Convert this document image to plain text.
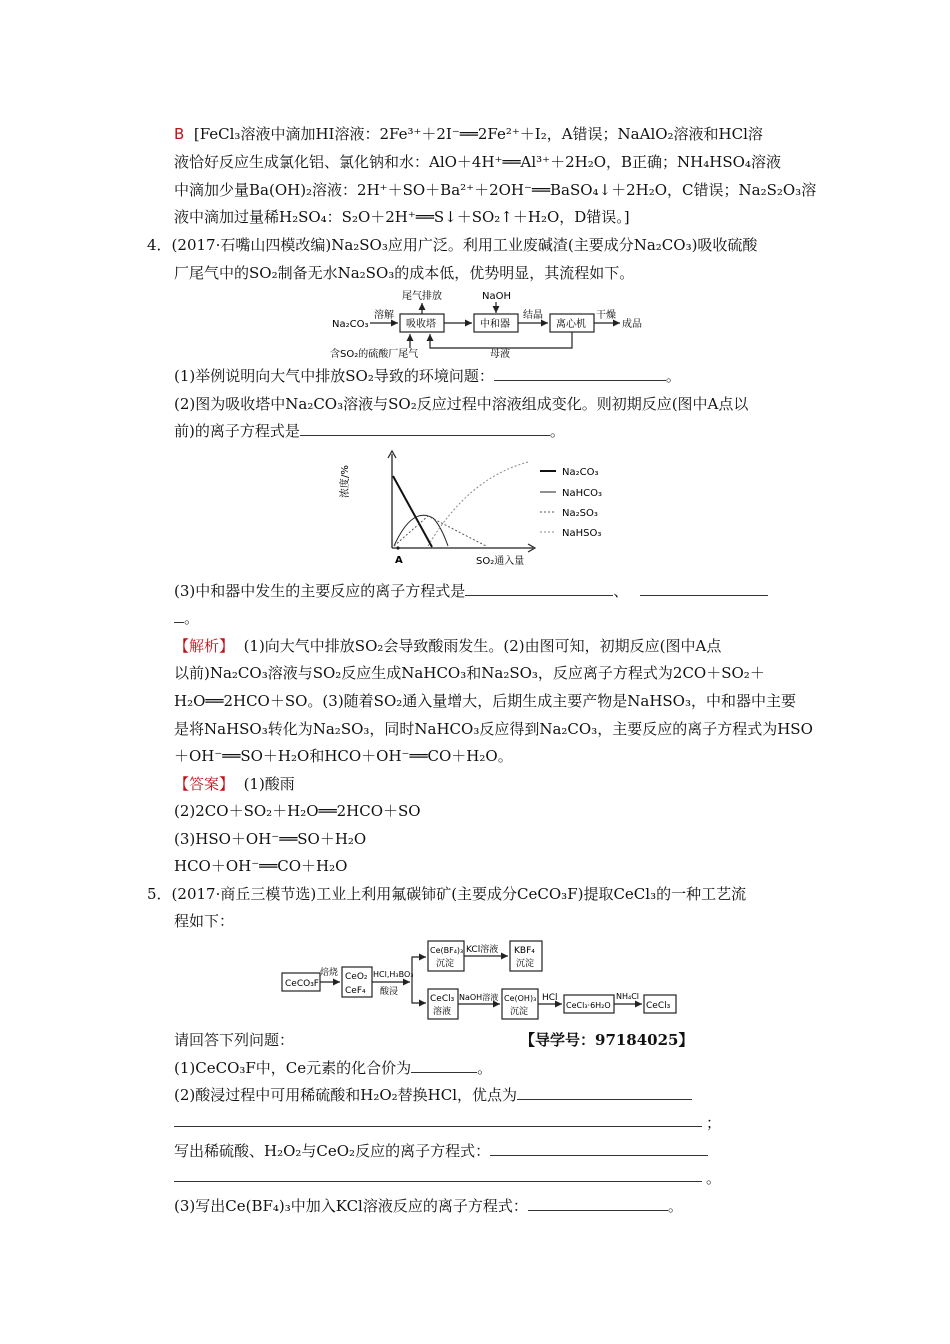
B [FeCl₃溶液中滴加HI溶液：2Fe³⁺＋2I⁻══2Fe²⁺＋I₂，A错误；NaAlO₂溶液和HCl溶
液恰好反应生成氯化铝、氯化钠和水：AlO＋4H⁺══Al³⁺＋2H₂O，B正确；NH₄HSO₄溶液
中滴加少量Ba(OH)₂溶液：2H⁺＋SO＋Ba²⁺＋2OH⁻══BaSO₄↓＋2H₂O，C错误；Na₂S₂O₃溶
液中滴加过量稀H₂SO₄：S₂O＋2H⁺══S↓＋SO₂↑＋H₂O，D错误。]
4．(2017·石嘴山四模改编)Na₂SO₃应用广泛。利用工业废碱渣(主要成分Na₂CO₃)吸收硫酸
厂尾气中的SO₂制备无水Na₂SO₃的成本低，优势明显，其流程如下。
Na₂CO₃
溶解
吸收塔
尾气排放
中和器
NaOH
结晶
离心机
干燥
成品
母液
含SO₂的硫酸厂尾气
(1)举例说明向大气中排放SO₂导致的环境问题：	。
(2)图为吸收塔中Na₂CO₃溶液与SO₂反应过程中溶液组成变化。则初期反应(图中A点以
前)的离子方程式是	。
浓度/%
SO₂通入量
A
Na₂CO₃
NaHCO₃
Na₂SO₃
NaHSO₃
(3)中和器中发生的主要反应的离子方程式是	、
。
【解析】 (1)向大气中排放SO₂会导致酸雨发生。(2)由图可知，初期反应(图中A点
以前)Na₂CO₃溶液与SO₂反应生成NaHCO₃和Na₂SO₃，反应离子方程式为2CO＋SO₂＋
H₂O══2HCO＋SO。(3)随着SO₂通入量增大，后期生成主要产物是NaHSO₃，中和器中主要
是将NaHSO₃转化为Na₂SO₃，同时NaHCO₃反应得到Na₂CO₃，主要反应的离子方程式为HSO
＋OH⁻══SO＋H₂O和HCO＋OH⁻══CO＋H₂O。
【答案】 (1)酸雨
(2)2CO＋SO₂＋H₂O══2HCO＋SO
(3)HSO＋OH⁻══SO＋H₂O
HCO＋OH⁻══CO＋H₂O
5．(2017·商丘三模节选)工业上利用氟碳铈矿(主要成分CeCO₃F)提取CeCl₃的一种工艺流
程如下：
CeCO₃F
焙烧 CeO₂
CeF₄
HCl,H₃BO₃
酸浸
Ce(BF₄)₃
沉淀
KCl溶液 KBF₄
沉淀
CeCl₃
溶液
NaOH溶液 Ce(OH)₃
沉淀
HCl
CeCl₃·6H₂O
NH₄Cl
CeCl₃
请回答下列问题：	【导学号：97184025】
(1)CeCO₃F中，Ce元素的化合价为	。
(2)酸浸过程中可用稀硫酸和H₂O₂替换HCl，优点为
；
写出稀硫酸、H₂O₂与CeO₂反应的离子方程式：
。
(3)写出Ce(BF₄)₃中加入KCl溶液反应的离子方程式：	。
